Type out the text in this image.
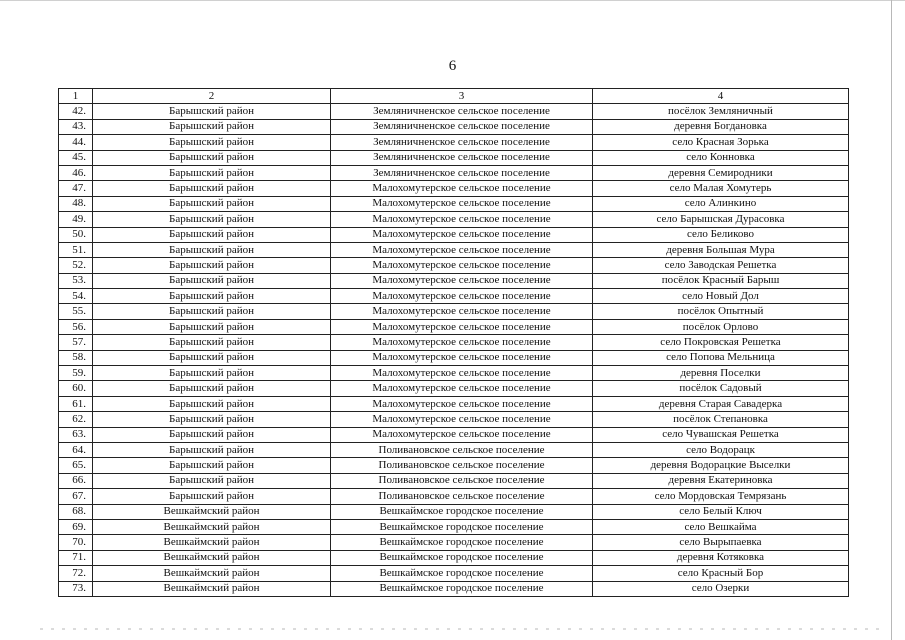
6
1	2	3	4
42.	Барышский район	Земляничненское сельское поселение	посёлок Земляничный
43.	Барышский район	Земляничненское сельское поселение	деревня Богдановка
44.	Барышский район	Земляничненское сельское поселение	село Красная Зорька
45.	Барышский район	Земляничненское сельское поселение	село Конновка
46.	Барышский район	Земляничненское сельское поселение	деревня Семиродники
47.	Барышский район	Малохомутерское сельское поселение	село Малая Хомутерь
48.	Барышский район	Малохомутерское сельское поселение	село Алинкино
49.	Барышский район	Малохомутерское сельское поселение	село Барышская Дурасовка
50.	Барышский район	Малохомутерское сельское поселение	село Беликово
51.	Барышский район	Малохомутерское сельское поселение	деревня Большая Мура
52.	Барышский район	Малохомутерское сельское поселение	село Заводская Решетка
53.	Барышский район	Малохомутерское сельское поселение	посёлок Красный Барыш
54.	Барышский район	Малохомутерское сельское поселение	село Новый Дол
55.	Барышский район	Малохомутерское сельское поселение	посёлок Опытный
56.	Барышский район	Малохомутерское сельское поселение	посёлок Орлово
57.	Барышский район	Малохомутерское сельское поселение	село Покровская Решетка
58.	Барышский район	Малохомутерское сельское поселение	село Попова Мельница
59.	Барышский район	Малохомутерское сельское поселение	деревня Поселки
60.	Барышский район	Малохомутерское сельское поселение	посёлок Садовый
61.	Барышский район	Малохомутерское сельское поселение	деревня Старая Савадерка
62.	Барышский район	Малохомутерское сельское поселение	посёлок Степановка
63.	Барышский район	Малохомутерское сельское поселение	село Чувашская Решетка
64.	Барышский район	Поливановское сельское поселение	село Водорацк
65.	Барышский район	Поливановское сельское поселение	деревня Водорацкие Выселки
66.	Барышский район	Поливановское сельское поселение	деревня Екатериновка
67.	Барышский район	Поливановское сельское поселение	село Мордовская Темрязань
68.	Вешкаймский район	Вешкаймское городское поселение	село Белый Ключ
69.	Вешкаймский район	Вешкаймское городское поселение	село Вешкайма
70.	Вешкаймский район	Вешкаймское городское поселение	село Вырыпаевка
71.	Вешкаймский район	Вешкаймское городское поселение	деревня Котяковка
72.	Вешкаймский район	Вешкаймское городское поселение	село Красный Бор
73.	Вешкаймский район	Вешкаймское городское поселение	село Озерки
